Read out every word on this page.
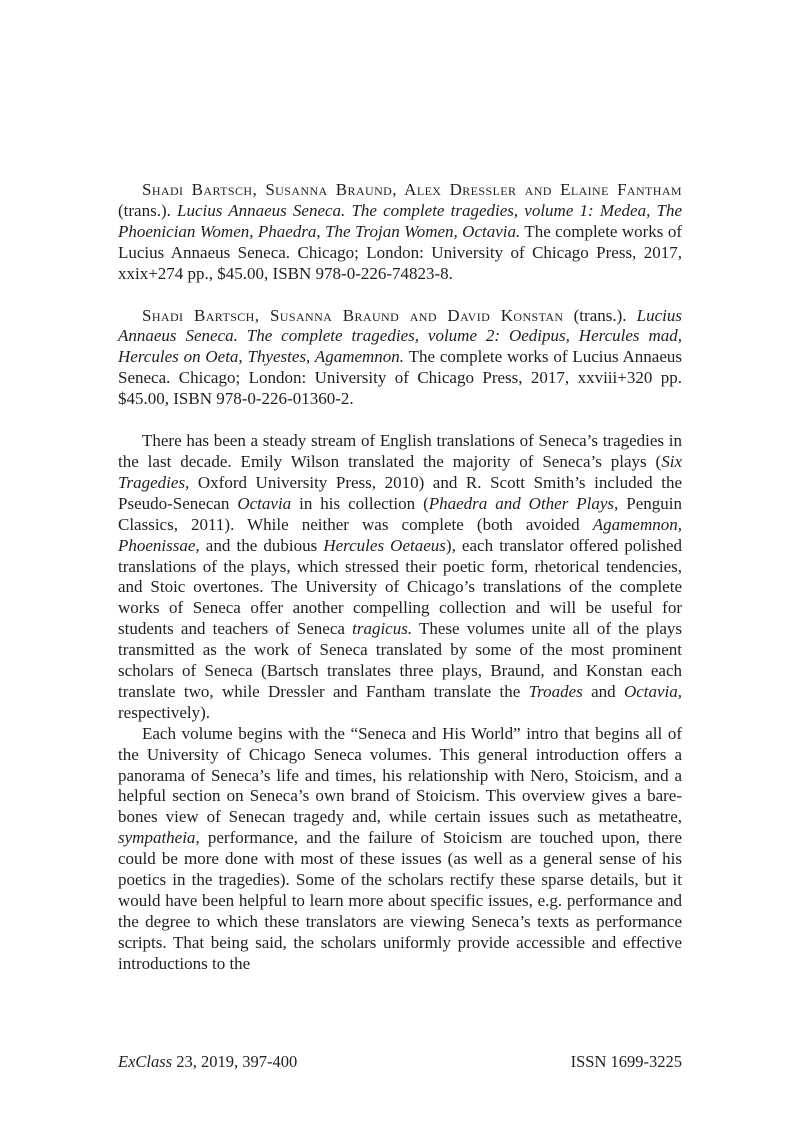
Shadi Bartsch, Susanna Braund, Alex Dressler and Elaine Fantham (trans.). Lucius Annaeus Seneca. The complete tragedies, volume 1: Medea, The Phoenician Women, Phaedra, The Trojan Women, Octavia. The complete works of Lucius Annaeus Seneca. Chicago; London: University of Chicago Press, 2017, xxix+274 pp., $45.00, ISBN 978-0-226-74823-8.

Shadi Bartsch, Susanna Braund and David Konstan (trans.). Lucius Annaeus Seneca. The complete tragedies, volume 2: Oedipus, Hercules mad, Hercules on Oeta, Thyestes, Agamemnon. The complete works of Lucius Annaeus Seneca. Chicago; London: University of Chicago Press, 2017, xxviii+320 pp. $45.00, ISBN 978-0-226-01360-2.

There has been a steady stream of English translations of Seneca’s tragedies in the last decade. Emily Wilson translated the majority of Seneca’s plays (Six Tragedies, Oxford University Press, 2010) and R. Scott Smith’s included the Pseudo-Senecan Octavia in his collection (Phaedra and Other Plays, Penguin Classics, 2011). While neither was complete (both avoided Agamemnon, Phoenissae, and the dubious Hercules Oetaeus), each translator offered polished translations of the plays, which stressed their poetic form, rhetorical tendencies, and Stoic overtones. The University of Chicago’s translations of the complete works of Seneca offer another compelling collection and will be useful for students and teachers of Seneca tragicus. These volumes unite all of the plays transmitted as the work of Seneca translated by some of the most prominent scholars of Seneca (Bartsch translates three plays, Braund, and Konstan each translate two, while Dressler and Fantham translate the Troades and Octavia, respectively).

Each volume begins with the “Seneca and His World” intro that begins all of the University of Chicago Seneca volumes. This general introduction offers a panorama of Seneca’s life and times, his relationship with Nero, Stoicism, and a helpful section on Seneca’s own brand of Stoicism. This overview gives a bare-bones view of Senecan tragedy and, while certain issues such as metatheatre, sympatheia, performance, and the failure of Stoicism are touched upon, there could be more done with most of these issues (as well as a general sense of his poetics in the tragedies). Some of the scholars rectify these sparse details, but it would have been helpful to learn more about specific issues, e.g. performance and the degree to which these translators are viewing Seneca’s texts as performance scripts. That being said, the scholars uniformly provide accessible and effective introductions to the

ExClass 23, 2019, 397-400	ISSN 1699-3225
